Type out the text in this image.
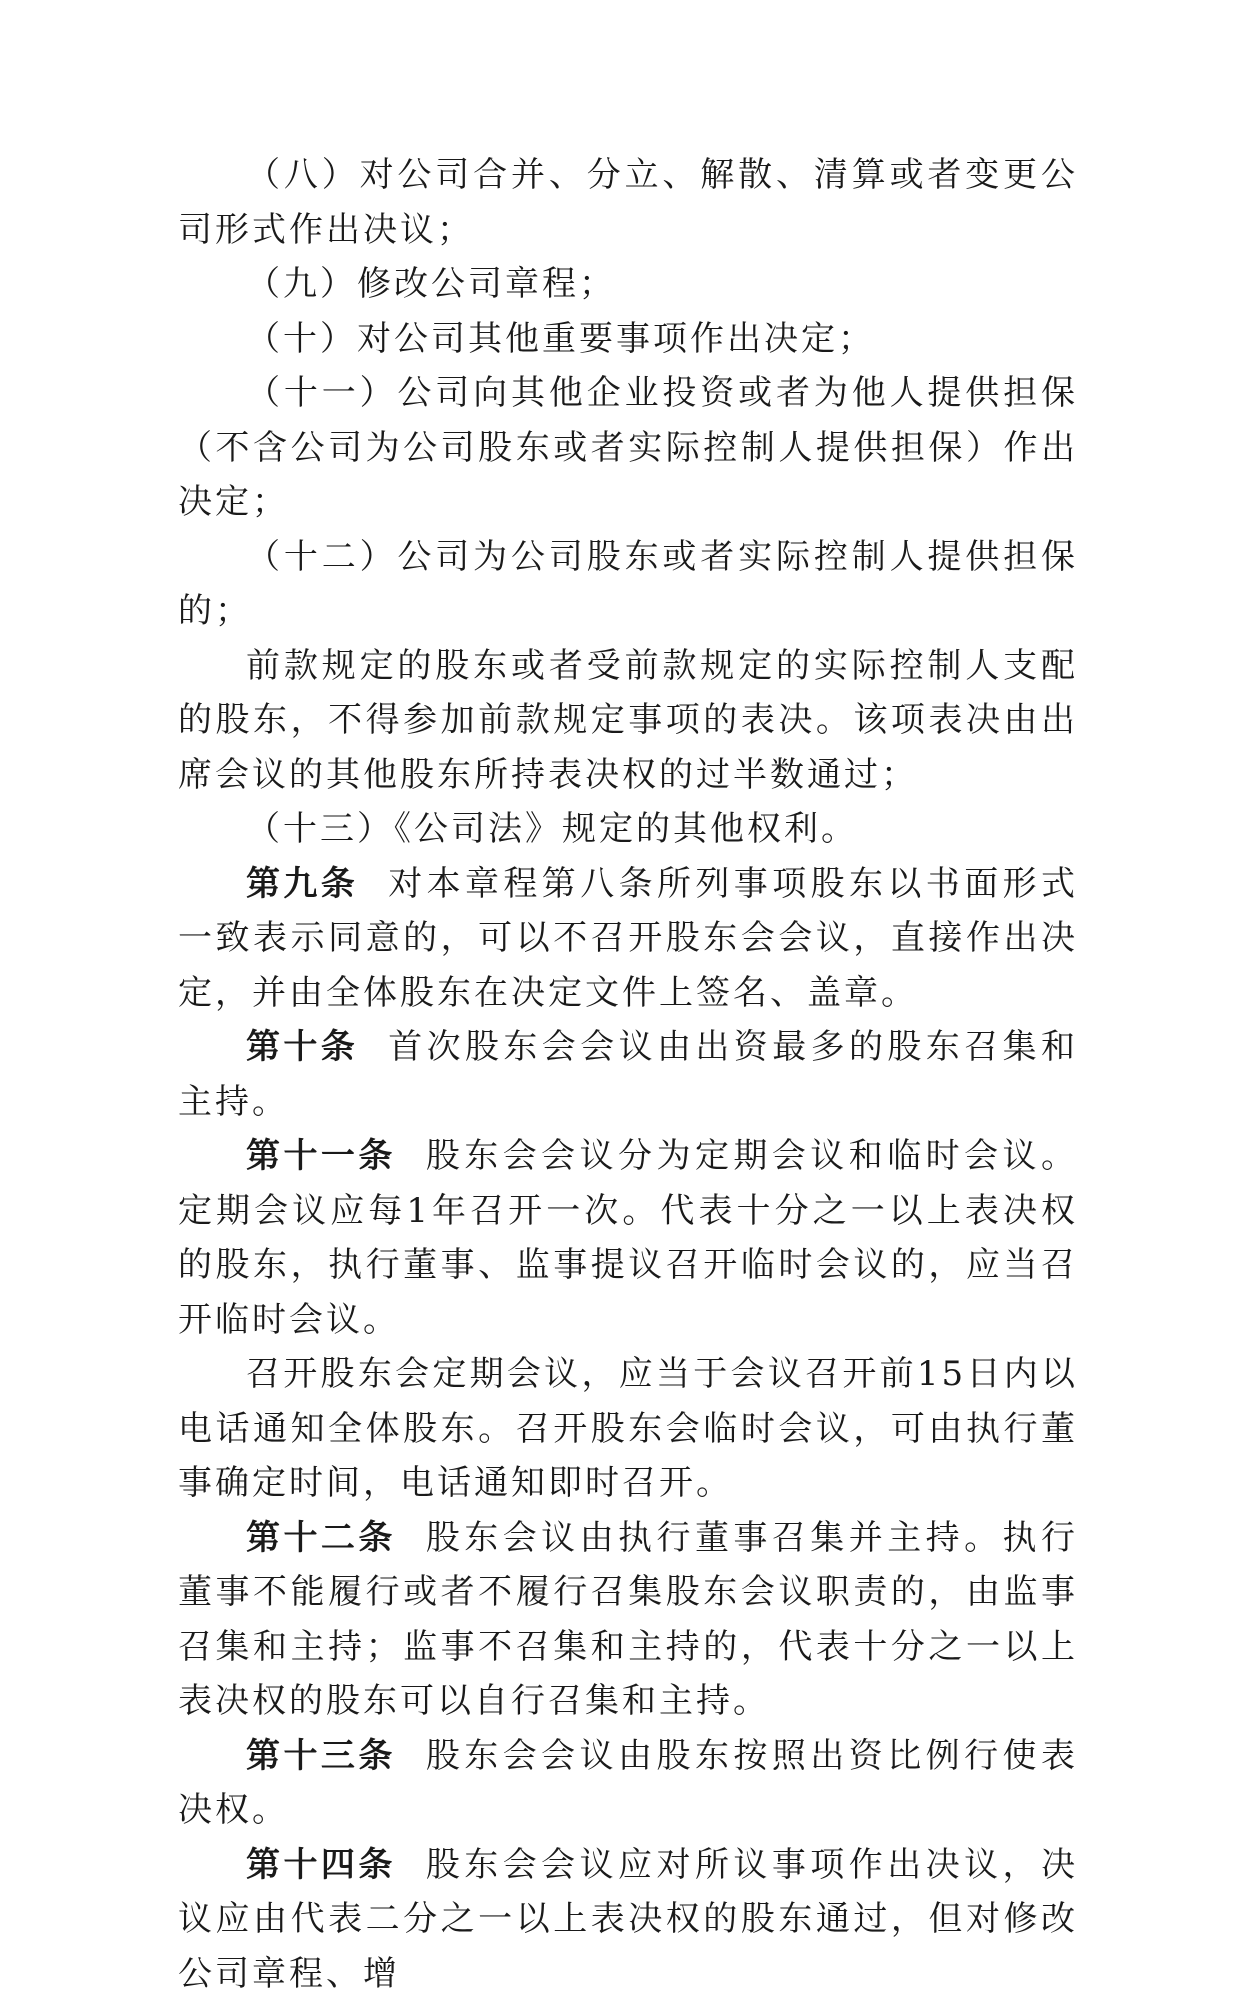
（八）对公司合并、分立、解散、清算或者变更公司形式作出决议；

（九）修改公司章程；

（十）对公司其他重要事项作出决定；

（十一）公司向其他企业投资或者为他人提供担保（不含公司为公司股东或者实际控制人提供担保）作出决定；

（十二）公司为公司股东或者实际控制人提供担保的；

前款规定的股东或者受前款规定的实际控制人支配的股东，不得参加前款规定事项的表决。该项表决由出席会议的其他股东所持表决权的过半数通过；

（十三）《公司法》规定的其他权利。

第九条 对本章程第八条所列事项股东以书面形式一致表示同意的，可以不召开股东会会议，直接作出决定，并由全体股东在决定文件上签名、盖章。

第十条 首次股东会会议由出资最多的股东召集和主持。

第十一条 股东会会议分为定期会议和临时会议。定期会议应每1年召开一次。代表十分之一以上表决权的股东，执行董事、监事提议召开临时会议的，应当召开临时会议。

召开股东会定期会议，应当于会议召开前15日内以电话通知全体股东。召开股东会临时会议，可由执行董事确定时间，电话通知即时召开。

第十二条 股东会议由执行董事召集并主持。执行董事不能履行或者不履行召集股东会议职责的，由监事召集和主持；监事不召集和主持的，代表十分之一以上表决权的股东可以自行召集和主持。

第十三条 股东会会议由股东按照出资比例行使表决权。

第十四条 股东会会议应对所议事项作出决议，决议应由代表二分之一以上表决权的股东通过，但对修改公司章程、增
